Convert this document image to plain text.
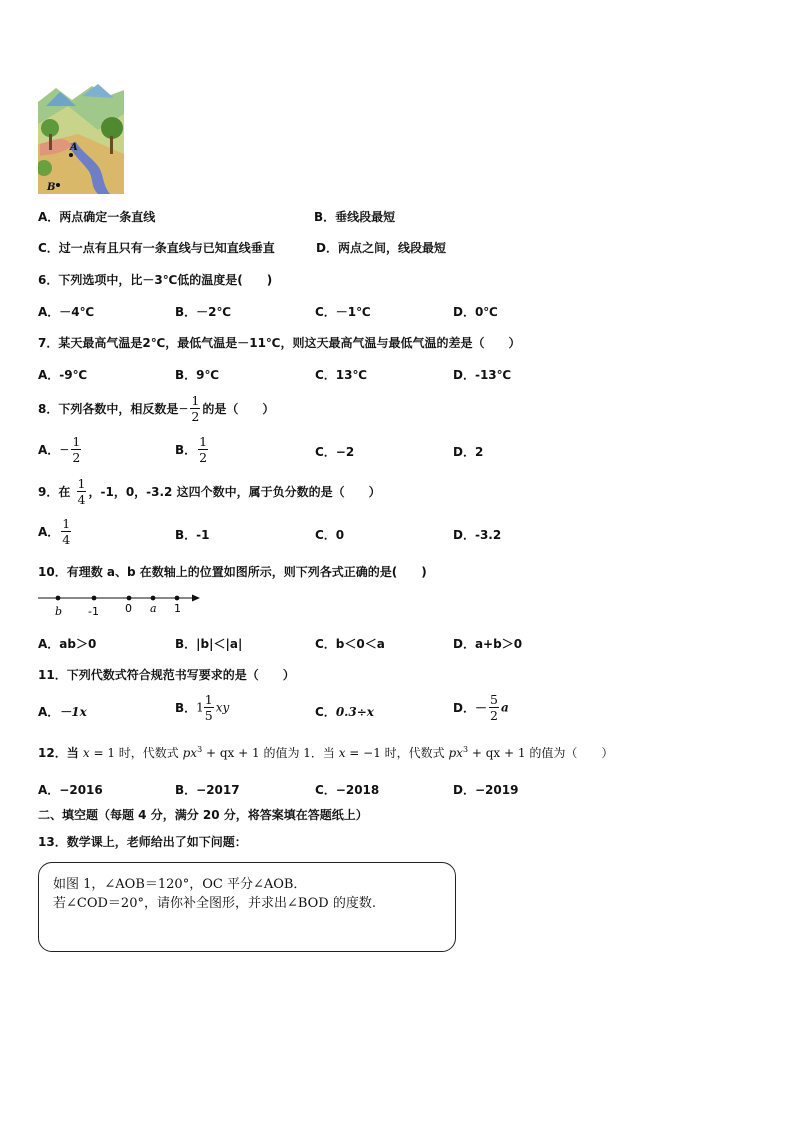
A
B
A．两点确定一条直线	B．垂线段最短
C．过一点有且只有一条直线与已知直线垂直	D．两点之间，线段最短
6．下列选项中，比－3℃低的温度是(　　)
A．－4℃	B．－2℃	C．－1℃	D．0℃
7．某天最高气温是2℃，最低气温是－11℃，则这天最高气温与最低气温的差是（　　）
A．-9℃	B．9℃	C．13℃	D．-13℃
8．下列各数中，相反数是− $\frac{1}{2}$ 的是（　　）
A．− $\frac{1}{2}$	B． $\frac{1}{2}$	C．−2	D．2
9．在 $\frac{1}{4}$ ，-1，0，-3.2 这四个数中，属于负分数的是（　　）
A． $\frac{1}{4}$	B．-1	C．0	D．-3.2
10．有理数 a、b 在数轴上的位置如图所示，则下列各式正确的是(　　)
b -1 0 a 1
A．ab＞0	B．|b|＜|a|	C．b＜0＜a	D．a+b＞0
11．下列代数式符合规范书写要求的是（　　）
A．－1x	B．$1 \frac{1}{5}$ xy	C．0.3÷x	D．－ $\frac{5}{2}$ a
12．当 x = 1 时，代数式 $px^3$ + qx + 1 的值为 1．当 x = −1 时，代数式 $px^3$ + qx + 1 的值为（　　）
A．−2016	B．−2017	C．−2018	D．−2019
二、填空题（每题 4 分，满分 20 分，将答案填在答题纸上）
13．数学课上，老师给出了如下问题：
如图 1，∠AOB＝120°，OC 平分∠AOB．
若∠COD＝20°，请你补全图形，并求出∠BOD 的度数.
